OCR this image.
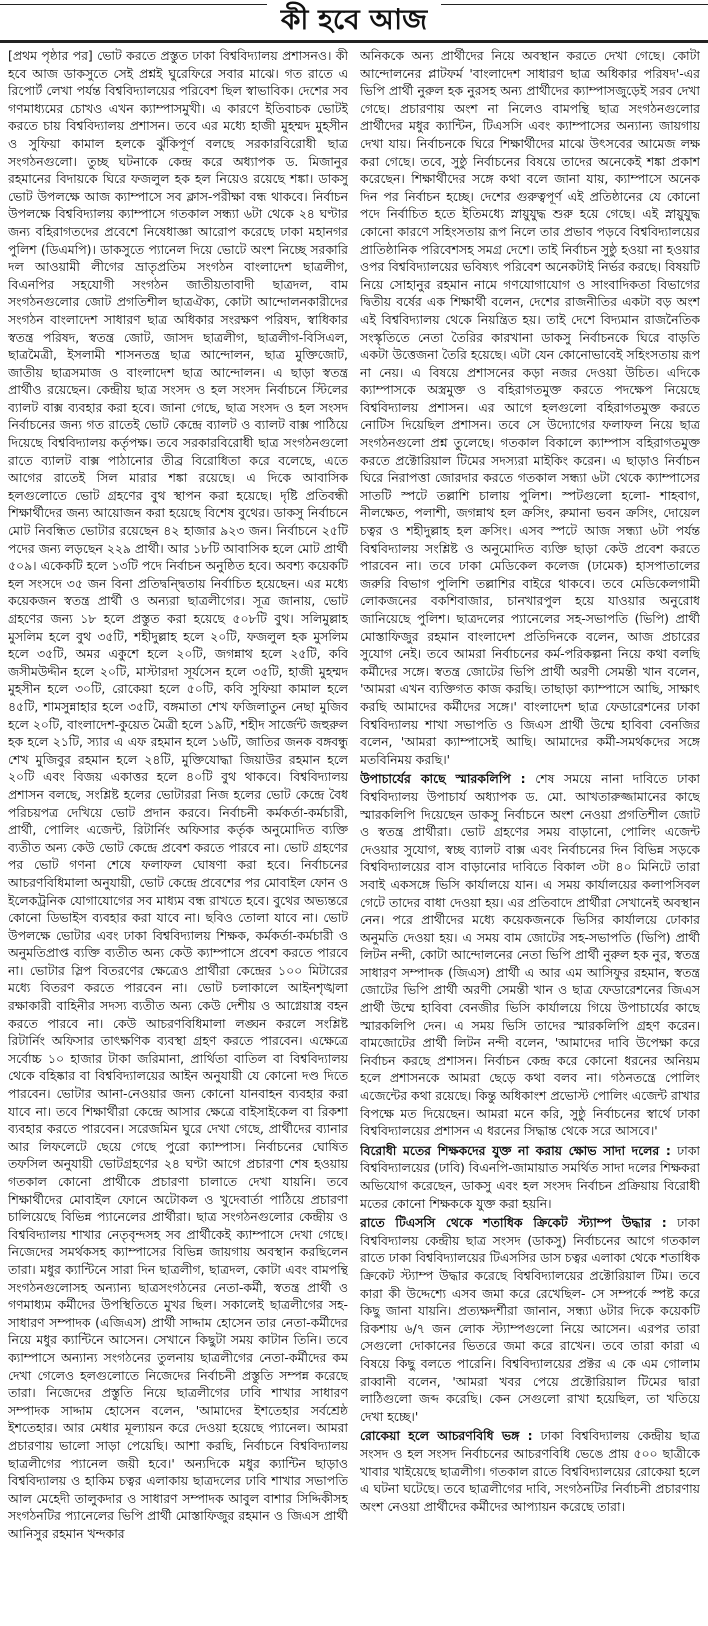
কী হবে আজ

[প্রথম পৃষ্ঠার পর] ভোট করতে প্রস্তুত ঢাকা বিশ্ববিদ্যালয় প্রশাসনও। কী হবে আজ ডাকসুতে সেই প্রশ্নই ঘুরেফিরে সবার মাঝে। গত রাতে এ রিপোর্ট লেখা পর্যন্ত বিশ্ববিদ্যালয়ের পরিবেশ ছিল স্বাভাবিক। দেশের সব গণমাধ্যমের চোখও এখন ক্যাম্পাসমুখী। এ কারণে ইতিবাচক ভোটই করতে চায় বিশ্ববিদ্যালয় প্রশাসন। তবে এর মধ্যে হাজী মুহম্মদ মুহসীন ও সুফিয়া কামাল হলকে ঝুঁকিপূর্ণ বলছে সরকারবিরোধী ছাত্র সংগঠনগুলো। তুচ্ছ ঘটনাকে কেন্দ্র করে অধ্যাপক ড. মিজানুর রহমানের বিদায়কে ঘিরে ফজলুল হক হল নিয়েও রয়েছে শঙ্কা। ডাকসু ভোট উপলক্ষে আজ ক্যাম্পাসে সব ক্লাস-পরীক্ষা বন্ধ থাকবে। নির্বাচন উপলক্ষে বিশ্ববিদ্যালয় ক্যাম্পাসে গতকাল সন্ধ্যা ৬টা থেকে ২৪ ঘণ্টার জন্য বহিরাগতদের প্রবেশে নিষেধাজ্ঞা আরোপ করেছে ঢাকা মহানগর পুলিশ (ডিএমপি)। ডাকসুতে প্যানেল দিয়ে ভোটে অংশ নিচ্ছে সরকারি দল আওয়ামী লীগের ভ্রাতৃপ্রতিম সংগঠন বাংলাদেশ ছাত্রলীগ, বিএনপির সহযোগী সংগঠন জাতীয়তাবাদী ছাত্রদল, বাম সংগঠনগুলোর জোট প্রগতিশীল ছাত্রঐক্য, কোটা আন্দোলনকারীদের সংগঠন বাংলাদেশ সাধারণ ছাত্র অধিকার সংরক্ষণ পরিষদ, স্বাধিকার স্বতন্ত্র পরিষদ, স্বতন্ত্র জোট, জাসদ ছাত্রলীগ, ছাত্রলীগ-বিসিএল, ছাত্রমৈত্রী, ইসলামী শাসনতন্ত্র ছাত্র আন্দোলন, ছাত্র মুক্তিজোট, জাতীয় ছাত্রসমাজ ও বাংলাদেশ ছাত্র আন্দোলন। এ ছাড়া স্বতন্ত্র প্রার্থীও রয়েছেন। কেন্দ্রীয় ছাত্র সংসদ ও হল সংসদ নির্বাচনে স্টিলের ব্যালট বাক্স ব্যবহার করা হবে। জানা গেছে, ছাত্র সংসদ ও হল সংসদ নির্বাচনের জন্য গত রাতেই ভোট কেন্দ্রে ব্যালট ও ব্যালট বাক্স পাঠিয়ে দিয়েছে বিশ্ববিদ্যালয় কর্তৃপক্ষ। তবে সরকারবিরোধী ছাত্র সংগঠনগুলো রাতে ব্যালট বাক্স পাঠানোর তীব্র বিরোধিতা করে বলেছে, এতে আগের রাতেই সিল মারার শঙ্কা রয়েছে। এ দিকে আবাসিক হলগুলোতে ভোট গ্রহণের বুথ স্থাপন করা হয়েছে। দৃষ্টি প্রতিবন্ধী শিক্ষার্থীদের জন্য আয়োজন করা হয়েছে বিশেষ বুথের। ডাকসু নির্বাচনে মোট নিবন্ধিত ভোটার রয়েছেন ৪২ হাজার ৯২৩ জন। নির্বাচনে ২৫টি পদের জন্য লড়ছেন ২২৯ প্রার্থী। আর ১৮টি আবাসিক হলে মোট প্রার্থী ৫০৯। একেকটি হলে ১৩টি পদে নির্বাচন অনুষ্ঠিত হবে। অবশ্য কয়েকটি হল সংসদে ৩৫ জন বিনা প্রতিদ্বন্দ্বিতায় নির্বাচিত হয়েছেন। এর মধ্যে কয়েকজন স্বতন্ত্র প্রার্থী ও অন্যরা ছাত্রলীগের। সূত্র জানায়, ভোট গ্রহণের জন্য ১৮ হলে প্রস্তুত করা হয়েছে ৫০৮টি বুথ। সলিমুল্লাহ মুসলিম হলে বুথ ৩৫টি, শহীদুল্লাহ হলে ২০টি, ফজলুল হক মুসলিম হলে ৩৫টি, অমর একুশে হলে ২০টি, জগন্নাথ হলে ২৫টি, কবি জসীমউদ্দীন হলে ২০টি, মাস্টারদা সূর্যসেন হলে ৩৫টি, হাজী মুহম্মদ মুহসীন হলে ৩০টি, রোকেয়া হলে ৫০টি, কবি সুফিয়া কামাল হলে ৪৫টি, শামসুন্নাহার হলে ৩৫টি, বঙ্গমাতা শেখ ফজিলাতুন নেছা মুজিব হলে ২০টি, বাংলাদেশ-কুয়েত মৈত্রী হলে ১৯টি, শহীদ সার্জেন্ট জহুরুল হক হলে ২১টি, স্যার এ এফ রহমান হলে ১৬টি, জাতির জনক বঙ্গবন্ধু শেখ মুজিবুর রহমান হলে ২৪টি, মুক্তিযোদ্ধা জিয়াউর রহমান হলে ২০টি এবং বিজয় একাত্তর হলে ৪০টি বুথ থাকবে। বিশ্ববিদ্যালয় প্রশাসন বলছে, সংশ্লিষ্ট হলের ভোটাররা নিজ হলের ভোট কেন্দ্রে বৈধ পরিচয়পত্র দেখিয়ে ভোট প্রদান করবে। নির্বাচনী কর্মকর্তা-কর্মচারী, প্রার্থী, পোলিং এজেন্ট, রিটার্নিং অফিসার কর্তৃক অনুমোদিত ব্যক্তি ব্যতীত অন্য কেউ ভোট কেন্দ্রে প্রবেশ করতে পারবে না। ভোট গ্রহণের পর ভোট গণনা শেষে ফলাফল ঘোষণা করা হবে। নির্বাচনের আচরণবিধিমালা অনুযায়ী, ভোট কেন্দ্রে প্রবেশের পর মোবাইল ফোন ও ইলেকট্রনিক যোগাযোগের সব মাধ্যম বন্ধ রাখতে হবে। বুথের অভ্যন্তরে কোনো ডিভাইস ব্যবহার করা যাবে না। ছবিও তোলা যাবে না। ভোট উপলক্ষে ভোটার এবং ঢাকা বিশ্ববিদ্যালয় শিক্ষক, কর্মকর্তা-কর্মচারী ও অনুমতিপ্রাপ্ত ব্যক্তি ব্যতীত অন্য কেউ ক্যাম্পাসে প্রবেশ করতে পারবে না। ভোটার স্লিপ বিতরণের ক্ষেত্রেও প্রার্থীরা কেন্দ্রের ১০০ মিটারের মধ্যে বিতরণ করতে পারবেন না। ভোট চলাকালে আইনশৃঙ্খলা রক্ষাকারী বাহিনীর সদস্য ব্যতীত অন্য কেউ দেশীয় ও আগ্নেয়াস্ত্র বহন করতে পারবে না। কেউ আচরণবিধিমালা লঙ্ঘন করলে সংশ্লিষ্ট রিটার্নিং অফিসার তাৎক্ষণিক ব্যবস্থা গ্রহণ করতে পারবেন। এক্ষেত্রে সর্বোচ্চ ১০ হাজার টাকা জরিমানা, প্রার্থিতা বাতিল বা বিশ্ববিদ্যালয় থেকে বহিষ্কার বা বিশ্ববিদ্যালয়ের আইন অনুযায়ী যে কোনো দণ্ড দিতে পারবেন। ভোটার আনা-নেওয়ার জন্য কোনো যানবাহন ব্যবহার করা যাবে না। তবে শিক্ষার্থীরা কেন্দ্রে আসার ক্ষেত্রে বাইসাইকেল বা রিকশা ব্যবহার করতে পারবেন। সরেজমিন ঘুরে দেখা গেছে, প্রার্থীদের ব্যানার আর লিফলেটে ছেয়ে গেছে পুরো ক্যাম্পাস। নির্বাচনের ঘোষিত তফসিল অনুযায়ী ভোটগ্রহণের ২৪ ঘণ্টা আগে প্রচারণা শেষ হওয়ায় গতকাল কোনো প্রার্থীকে প্রচারণা চালাতে দেখা যায়নি। তবে শিক্ষার্থীদের মোবাইল ফোনে অটোকল ও খুদেবার্তা পাঠিয়ে প্রচারণা চালিয়েছে বিভিন্ন প্যানেলের প্রার্থীরা। ছাত্র সংগঠনগুলোর কেন্দ্রীয় ও বিশ্ববিদ্যালয় শাখার নেতৃবৃন্দসহ সব প্রার্থীকেই ক্যাম্পাসে দেখা গেছে। নিজেদের সমর্থকসহ ক্যাম্পাসের বিভিন্ন জায়গায় অবস্থান করছিলেন তারা। মধুর ক্যান্টিনে সারা দিন ছাত্রলীগ, ছাত্রদল, কোটা এবং বামপন্থি সংগঠনগুলোসহ অন্যান্য ছাত্রসংগঠনের নেতা-কর্মী, স্বতন্ত্র প্রার্থী ও গণমাধ্যম কর্মীদের উপস্থিতিতে মুখর ছিল। সকালেই ছাত্রলীগের সহ-সাধারণ সম্পাদক (এজিএস) প্রার্থী সাদ্দাম হোসেন তার নেতা-কর্মীদের নিয়ে মধুর ক্যান্টিনে আসেন। সেখানে কিছুটা সময় কাটান তিনি। তবে ক্যাম্পাসে অন্যান্য সংগঠনের তুলনায় ছাত্রলীগের নেতা-কর্মীদের কম দেখা গেলেও হলগুলোতে নিজেদের নির্বাচনী প্রস্তুতি সম্পন্ন করেছে তারা। নিজেদের প্রস্তুতি নিয়ে ছাত্রলীগের ঢাবি শাখার সাধারণ সম্পাদক সাদ্দাম হোসেন বলেন, 'আমাদের ইশতেহার সর্বশ্রেষ্ঠ ইশতেহার। আর মেধার মূল্যায়ন করে দেওয়া হয়েছে প্যানেল। আমরা প্রচারণায় ভালো সাড়া পেয়েছি। আশা করছি, নির্বাচনে বিশ্ববিদ্যালয় ছাত্রলীগের প্যানেল জয়ী হবে।' অন্যদিকে মধুর ক্যান্টিন ছাড়াও বিশ্ববিদ্যালয় ও হাকিম চত্বর এলাকায় ছাত্রদলের ঢাবি শাখার সভাপতি আল মেহেদী তালুকদার ও সাধারণ সম্পাদক আবুল বাশার সিদ্দিকীসহ সংগঠনটির প্যানেলের ভিপি প্রার্থী মোস্তাফিজুর রহমান ও জিএস প্রার্থী আনিসুর রহমান খন্দকার

অনিককে অন্য প্রার্থীদের নিয়ে অবস্থান করতে দেখা গেছে। কোটা আন্দোলনের প্লাটফর্ম 'বাংলাদেশ সাধারণ ছাত্র অধিকার পরিষদ'-এর ভিপি প্রার্থী নুরুল হক নুরসহ অন্য প্রার্থীদের ক্যাম্পাসজুড়েই সরব দেখা গেছে। প্রচারণায় অংশ না নিলেও বামপন্থি ছাত্র সংগঠনগুলোর প্রার্থীদের মধুর ক্যান্টিন, টিএসসি এবং ক্যাম্পাসের অন্যান্য জায়গায় দেখা যায়। নির্বাচনকে ঘিরে শিক্ষার্থীদের মাঝে উৎসবের আমেজ লক্ষ করা গেছে। তবে, সুষ্ঠু নির্বাচনের বিষয়ে তাদের অনেকেই শঙ্কা প্রকাশ করেছেন। শিক্ষার্থীদের সঙ্গে কথা বলে জানা যায়, ক্যাম্পাসে অনেক দিন পর নির্বাচন হচ্ছে। দেশের গুরুত্বপূর্ণ এই প্রতিষ্ঠানের যে কোনো পদে নির্বাচিত হতে ইতিমধ্যে স্নায়ুযুদ্ধ শুরু হয়ে গেছে। এই স্নায়ুযুদ্ধ কোনো কারণে সহিংসতায় রূপ নিলে তার প্রভাব পড়বে বিশ্ববিদ্যালয়ের প্রাতিষ্ঠানিক পরিবেশসহ সমগ্র দেশে। তাই নির্বাচন সুষ্ঠু হওয়া না হওয়ার ওপর বিশ্ববিদ্যালয়ের ভবিষ্যৎ পরিবেশ অনেকটাই নির্ভর করছে। বিষয়টি নিয়ে সোহানুর রহমান নামে গণযোগাযোগ ও সাংবাদিকতা বিভাগের দ্বিতীয় বর্ষের এক শিক্ষার্থী বলেন, দেশের রাজনীতির একটা বড় অংশ এই বিশ্ববিদ্যালয় থেকে নিয়ন্ত্রিত হয়। তাই দেশে বিদ্যমান রাজনৈতিক সংস্কৃতিতে নেতা তৈরির কারখানা ডাকসু নির্বাচনকে ঘিরে বাড়তি একটা উত্তেজনা তৈরি হয়েছে। এটা যেন কোনোভাবেই সহিংসতায় রূপ না নেয়। এ বিষয়ে প্রশাসনের কড়া নজর দেওয়া উচিত। এদিকে ক্যাম্পাসকে অস্ত্রমুক্ত ও বহিরাগতমুক্ত করতে পদক্ষেপ নিয়েছে বিশ্ববিদ্যালয় প্রশাসন। এর আগে হলগুলো বহিরাগতমুক্ত করতে নোটিস দিয়েছিল প্রশাসন। তবে সে উদ্যোগের ফলাফল নিয়ে ছাত্র সংগঠনগুলো প্রশ্ন তুলেছে। গতকাল বিকালে ক্যাম্পাস বহিরাগতমুক্ত করতে প্রক্টোরিয়াল টিমের সদস্যরা মাইকিং করেন। এ ছাড়াও নির্বাচন ঘিরে নিরাপত্তা জোরদার করতে গতকাল সন্ধ্যা ৬টা থেকে ক্যাম্পাসের সাতটি স্পটে তল্লাশি চালায় পুলিশ। স্পটগুলো হলো- শাহবাগ, নীলক্ষেত, পলাশী, জগন্নাথ হল ক্রসিং, রুমানা ভবন ক্রসিং, দোয়েল চত্বর ও শহীদুল্লাহ হল ক্রসিং। এসব স্পটে আজ সন্ধ্যা ৬টা পর্যন্ত বিশ্ববিদ্যালয় সংশ্লিষ্ট ও অনুমোদিত ব্যক্তি ছাড়া কেউ প্রবেশ করতে পারবেন না। তবে ঢাকা মেডিকেল কলেজ (ঢামেক) হাসপাতালের জরুরি বিভাগ পুলিশি তল্লাশির বাইরে থাকবে। তবে মেডিকেলগামী লোকজনের বকশিবাজার, চানখারপুল হয়ে যাওয়ার অনুরোধ জানিয়েছে পুলিশ। ছাত্রদলের প্যানেলের সহ-সভাপতি (ভিপি) প্রার্থী মোস্তাফিজুর রহমান বাংলাদেশ প্রতিদিনকে বলেন, আজ প্রচারের সুযোগ নেই। তবে আমরা নির্বাচনের কর্ম-পরিকল্পনা নিয়ে কথা বলছি কর্মীদের সঙ্গে। স্বতন্ত্র জোটের ভিপি প্রার্থী অরণী সেমন্তী খান বলেন, 'আমরা এখন ব্যক্তিগত কাজ করছি। তাছাড়া ক্যাম্পাসে আছি, সাক্ষাৎ করছি আমাদের কর্মীদের সঙ্গে।' বাংলাদেশ ছাত্র ফেডারেশনের ঢাকা বিশ্ববিদ্যালয় শাখা সভাপতি ও জিএস প্রার্থী উম্মে হাবিবা বেনজির বলেন, 'আমরা ক্যাম্পাসেই আছি। আমাদের কর্মী-সমর্থকদের সঙ্গে মতবিনিময় করছি।'

উপাচার্যের কাছে স্মারকলিপি : শেষ সময়ে নানা দাবিতে ঢাকা বিশ্ববিদ্যালয় উপাচার্য অধ্যাপক ড. মো. আখতারুজ্জামানের কাছে স্মারকলিপি দিয়েছেন ডাকসু নির্বাচনে অংশ নেওয়া প্রগতিশীল জোট ও স্বতন্ত্র প্রার্থীরা। ভোট গ্রহণের সময় বাড়ানো, পোলিং এজেন্ট দেওয়ার সুযোগ, স্বচ্ছ ব্যালট বাক্স এবং নির্বাচনের দিন বিভিন্ন সড়কে বিশ্ববিদ্যালয়ের বাস বাড়ানোর দাবিতে বিকাল ৩টা ৪০ মিনিটে তারা সবাই একসঙ্গে ভিসি কার্যালয়ে যান। এ সময় কার্যালয়ের কলাপসিবল গেটে তাদের বাধা দেওয়া হয়। এর প্রতিবাদে প্রার্থীরা সেখানেই অবস্থান নেন। পরে প্রার্থীদের মধ্যে কয়েকজনকে ভিসির কার্যালয়ে ঢোকার অনুমতি দেওয়া হয়। এ সময় বাম জোটের সহ-সভাপতি (ভিপি) প্রার্থী লিটন নন্দী, কোটা আন্দোলনের নেতা ভিপি প্রার্থী নুরুল হক নুর, স্বতন্ত্র সাধারণ সম্পাদক (জিএস) প্রার্থী এ আর এম আসিফুর রহমান, স্বতন্ত্র জোটের ভিপি প্রার্থী অরণী সেমন্তী খান ও ছাত্র ফেডারেশনের জিএস প্রার্থী উম্মে হাবিবা বেনজীর ভিসি কার্যালয়ে গিয়ে উপাচার্যের কাছে স্মারকলিপি দেন। এ সময় ভিসি তাদের স্মারকলিপি গ্রহণ করেন। বামজোটের প্রার্থী লিটন নন্দী বলেন, 'আমাদের দাবি উপেক্ষা করে নির্বাচন করছে প্রশাসন। নির্বাচন কেন্দ্র করে কোনো ধরনের অনিয়ম হলে প্রশাসনকে আমরা ছেড়ে কথা বলব না। গঠনতন্ত্রে পোলিং এজেন্টের কথা রয়েছে। কিন্তু অধিকাংশ প্রভোস্ট পোলিং এজেন্ট রাখার বিপক্ষে মত দিয়েছেন। আমরা মনে করি, সুষ্ঠু নির্বাচনের স্বার্থে ঢাকা বিশ্ববিদ্যালয়ের প্রশাসন এ ধরনের সিদ্ধান্ত থেকে সরে আসবে।'

বিরোধী মতের শিক্ষকদের যুক্ত না করায় ক্ষোভ সাদা দলের : ঢাকা বিশ্ববিদ্যালয়ের (ঢাবি) বিএনপি-জামায়াত সমর্থিত সাদা দলের শিক্ষকরা অভিযোগ করেছেন, ডাকসু এবং হল সংসদ নির্বাচন প্রক্রিয়ায় বিরোধী মতের কোনো শিক্ষককে যুক্ত করা হয়নি।

রাতে টিএসসি থেকে শতাধিক ক্রিকেট স্ট্যাম্প উদ্ধার : ঢাকা বিশ্ববিদ্যালয় কেন্দ্রীয় ছাত্র সংসদ (ডাকসু) নির্বাচনের আগে গতকাল রাতে ঢাকা বিশ্ববিদ্যালয়ের টিএসসির ডাস চত্বর এলাকা থেকে শতাধিক ক্রিকেট স্ট্যাম্প উদ্ধার করেছে বিশ্ববিদ্যালয়ের প্রক্টোরিয়াল টিম। তবে কারা কী উদ্দেশ্যে এসব জমা করে রেখেছিল- সে সম্পর্কে স্পষ্ট করে কিছু জানা যায়নি। প্রত্যক্ষদর্শীরা জানান, সন্ধ্যা ৬টার দিকে কয়েকটি রিকশায় ৬/৭ জন লোক স্ট্যাম্পগুলো নিয়ে আসেন। এরপর তারা সেগুলো দোকানের ভিতরে জমা করে রাখেন। তবে তারা কারা এ বিষয়ে কিছু বলতে পারেনি। বিশ্ববিদ্যালয়ের প্রক্টর এ কে এম গোলাম রাব্বানী বলেন, 'আমরা খবর পেয়ে প্রক্টোরিয়াল টিমের দ্বারা লাঠিগুলো জব্দ করেছি। কেন সেগুলো রাখা হয়েছিল, তা খতিয়ে দেখা হচ্ছে।'

রোকেয়া হলে আচরণবিধি ভঙ্গ : ঢাকা বিশ্ববিদ্যালয় কেন্দ্রীয় ছাত্র সংসদ ও হল সংসদ নির্বাচনের আচরণবিধি ভেঙে প্রায় ৫০০ ছাত্রীকে খাবার খাইয়েছে ছাত্রলীগ। গতকাল রাতে বিশ্ববিদ্যালয়ের রোকেয়া হলে এ ঘটনা ঘটেছে। তবে ছাত্রলীগের দাবি, সংগঠনটির নির্বাচনী প্রচারণায় অংশ নেওয়া প্রার্থীদের কর্মীদের আপ্যায়ন করেছে তারা।
